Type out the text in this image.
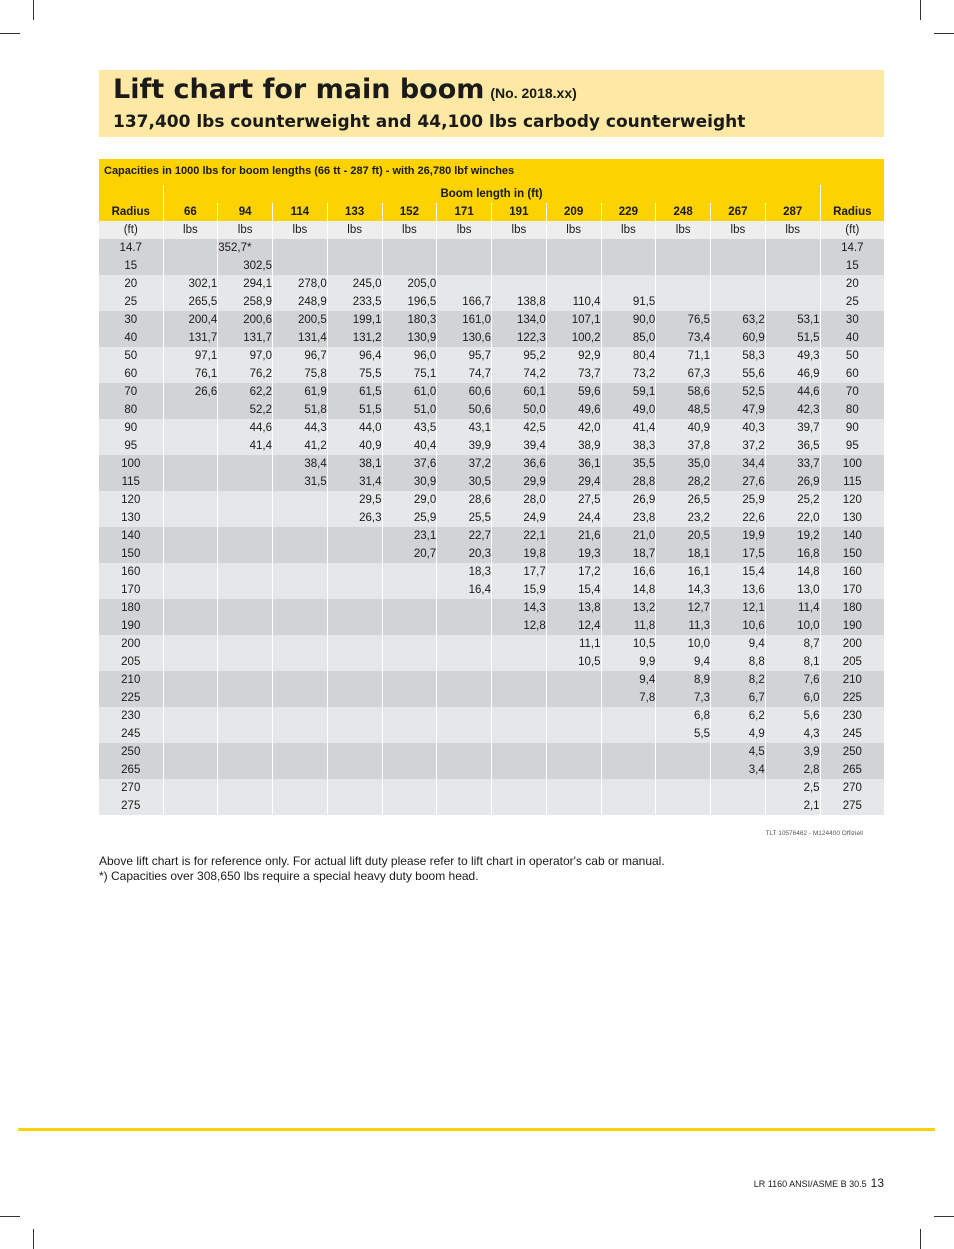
Lift chart for main boom (No. 2018.xx)
137,400 lbs counterweight and 44,100 lbs carbody counterweight
Capacities in 1000 lbs for boom lengths (66 tt - 287 ft) - with 26,780 lbf winches
	Boom length in (ft)												
Radius	66	94	114	133	152	171	191	209	229	248	267	287	Radius
(ft)	lbs	lbs	lbs	lbs	lbs	lbs	lbs	lbs	lbs	lbs	lbs	lbs	(ft)
14.7		352,7*											14.7
15		302,5											15
20	302,1	294,1	278,0	245,0	205,0								20
25	265,5	258,9	248,9	233,5	196,5	166,7	138,8	110,4	91,5				25
30	200,4	200,6	200,5	199,1	180,3	161,0	134,0	107,1	90,0	76,5	63,2	53,1	30
40	131,7	131,7	131,4	131,2	130,9	130,6	122,3	100,2	85,0	73,4	60,9	51,5	40
50	97,1	97,0	96,7	96,4	96,0	95,7	95,2	92,9	80,4	71,1	58,3	49,3	50
60	76,1	76,2	75,8	75,5	75,1	74,7	74,2	73,7	73,2	67,3	55,6	46,9	60
70	26,6	62,2	61,9	61,5	61,0	60,6	60,1	59,6	59,1	58,6	52,5	44,6	70
80		52,2	51,8	51,5	51,0	50,6	50,0	49,6	49,0	48,5	47,9	42,3	80
90		44,6	44,3	44,0	43,5	43,1	42,5	42,0	41,4	40,9	40,3	39,7	90
95		41,4	41,2	40,9	40,4	39,9	39,4	38,9	38,3	37,8	37,2	36,5	95
100			38,4	38,1	37,6	37,2	36,6	36,1	35,5	35,0	34,4	33,7	100
115			31,5	31,4	30,9	30,5	29,9	29,4	28,8	28,2	27,6	26,9	115
120				29,5	29,0	28,6	28,0	27,5	26,9	26,5	25,9	25,2	120
130				26,3	25,9	25,5	24,9	24,4	23,8	23,2	22,6	22,0	130
140					23,1	22,7	22,1	21,6	21,0	20,5	19,9	19,2	140
150					20,7	20,3	19,8	19,3	18,7	18,1	17,5	16,8	150
160						18,3	17,7	17,2	16,6	16,1	15,4	14,8	160
170						16,4	15,9	15,4	14,8	14,3	13,6	13,0	170
180							14,3	13,8	13,2	12,7	12,1	11,4	180
190							12,8	12,4	11,8	11,3	10,6	10,0	190
200								11,1	10,5	10,0	9,4	8,7	200
205								10,5	9,9	9,4	8,8	8,1	205
210									9,4	8,9	8,2	7,6	210
225									7,8	7,3	6,7	6,0	225
230										6,8	6,2	5,6	230
245										5,5	4,9	4,3	245
250											4,5	3,9	250
265											3,4	2,8	265
270												2,5	270
275												2,1	275
TLT 10576462 - M124400 Offiziell
Above lift chart is for reference only. For actual lift duty please refer to lift chart in operator's cab or manual.
*) Capacities over 308,650 lbs require a special heavy duty boom head.
LR 1160 ANSI/ASME B 30.5 13
